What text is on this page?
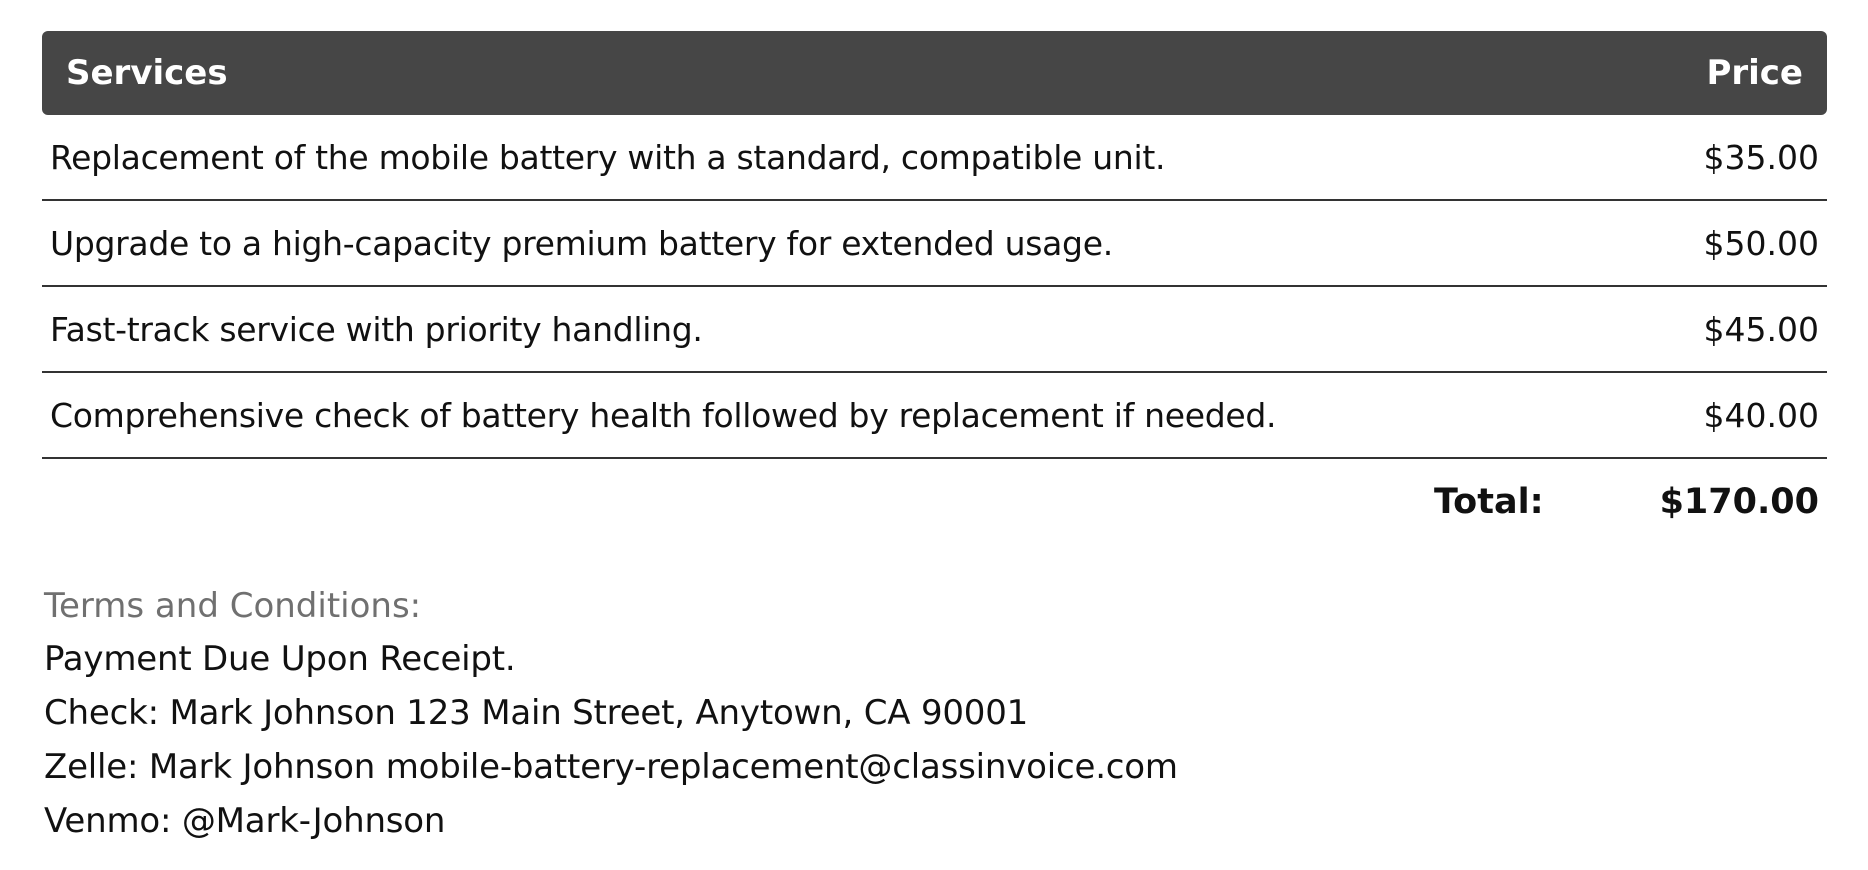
Services	Price
Replacement of the mobile battery with a standard, compatible unit.	$35.00
Upgrade to a high-capacity premium battery for extended usage.	$50.00
Fast-track service with priority handling.	$45.00
Comprehensive check of battery health followed by replacement if needed.	$40.00
Total:	$170.00
Terms and Conditions:
Payment Due Upon Receipt.
Check: Mark Johnson 123 Main Street, Anytown, CA 90001
Zelle: Mark Johnson mobile-battery-replacement@classinvoice.com
Venmo: @Mark-Johnson
